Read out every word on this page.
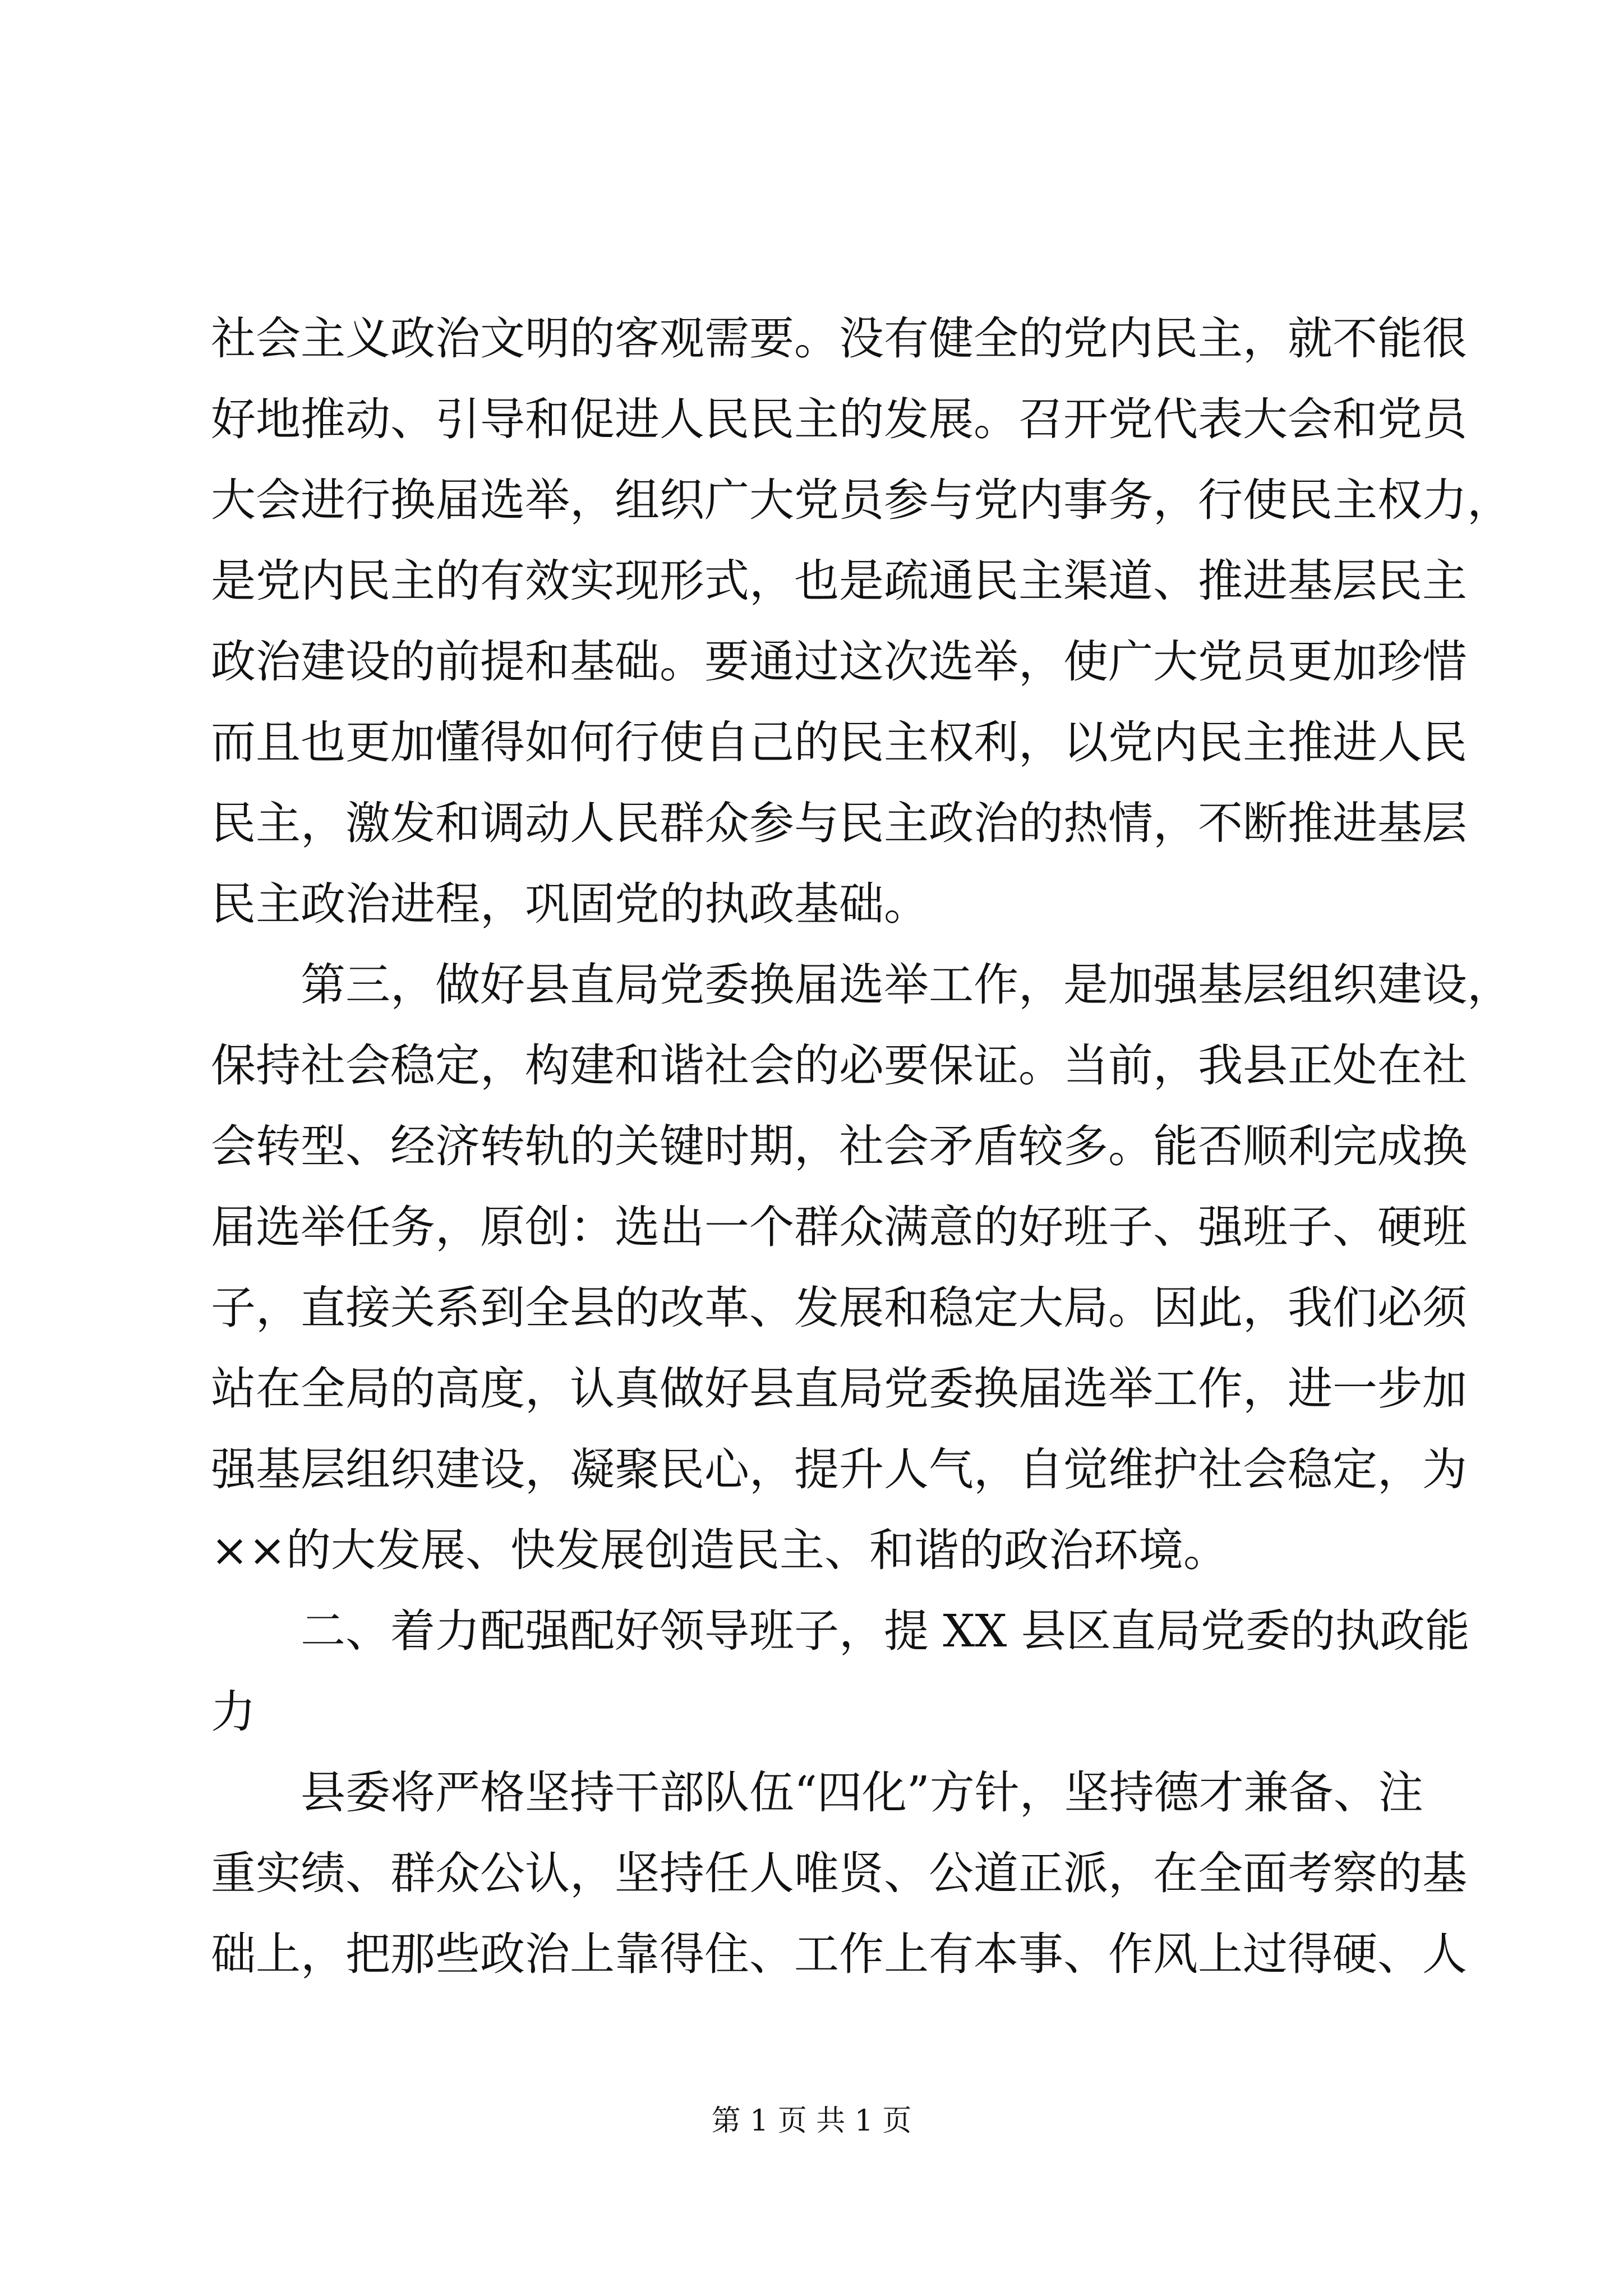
社会主义政治文明的客观需要。没有健全的党内民主，就不能很
好地推动、引导和促进人民民主的发展。召开党代表大会和党员
大会进行换届选举，组织广大党员参与党内事务，行使民主权力，
是党内民主的有效实现形式，也是疏通民主渠道、推进基层民主
政治建设的前提和基础。要通过这次选举，使广大党员更加珍惜
而且也更加懂得如何行使自己的民主权利，以党内民主推进人民
民主，激发和调动人民群众参与民主政治的热情，不断推进基层
民主政治进程，巩固党的执政基础。
　　第三，做好县直局党委换届选举工作，是加强基层组织建设，
保持社会稳定，构建和谐社会的必要保证。当前，我县正处在社
会转型、经济转轨的关键时期，社会矛盾较多。能否顺利完成换
届选举任务，原创：选出一个群众满意的好班子、强班子、硬班
子，直接关系到全县的改革、发展和稳定大局。因此，我们必须
站在全局的高度，认真做好县直局党委换届选举工作，进一步加
强基层组织建设，凝聚民心，提升人气，自觉维护社会稳定，为
××的大发展、快发展创造民主、和谐的政治环境。
　　二、着力配强配好领导班子，提 XX 县区直局党委的执政能
力
　　县委将严格坚持干部队伍“四化”方针，坚持德才兼备、注
重实绩、群众公认，坚持任人唯贤、公道正派，在全面考察的基
础上，把那些政治上靠得住、工作上有本事、作风上过得硬、人
第 1 页 共 1 页
